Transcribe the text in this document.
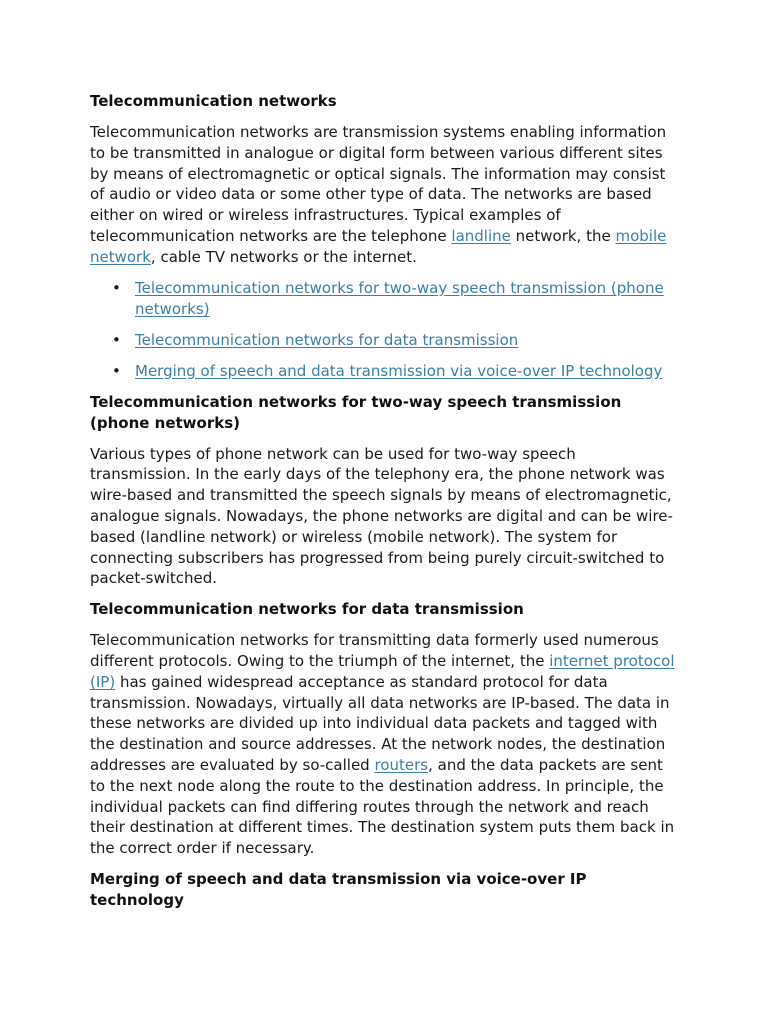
Telecommunication networks

Telecommunication networks are transmission systems enabling information to be transmitted in analogue or digital form between various different sites by means of electromagnetic or optical signals. The information may consist of audio or video data or some other type of data. The networks are based either on wired or wireless infrastructures. Typical examples of telecommunication networks are the telephone landline network, the mobile network, cable TV networks or the internet.

• Telecommunication networks for two-way speech transmission (phone networks)
• Telecommunication networks for data transmission
• Merging of speech and data transmission via voice-over IP technology
Telecommunication networks for two-way speech transmission (phone networks)

Various types of phone network can be used for two-way speech transmission. In the early days of the telephony era, the phone network was wire-based and transmitted the speech signals by means of electromagnetic, analogue signals. Nowadays, the phone networks are digital and can be wire-based (landline network) or wireless (mobile network). The system for connecting subscribers has progressed from being purely circuit-switched to packet-switched.

Telecommunication networks for data transmission

Telecommunication networks for transmitting data formerly used numerous different protocols. Owing to the triumph of the internet, the internet protocol (IP) has gained widespread acceptance as standard protocol for data transmission. Nowadays, virtually all data networks are IP-based. The data in these networks are divided up into individual data packets and tagged with the destination and source addresses. At the network nodes, the destination addresses are evaluated by so-called routers, and the data packets are sent to the next node along the route to the destination address. In principle, the individual packets can find differing routes through the network and reach their destination at different times. The destination system puts them back in the correct order if necessary.

Merging of speech and data transmission via voice-over IP technology
